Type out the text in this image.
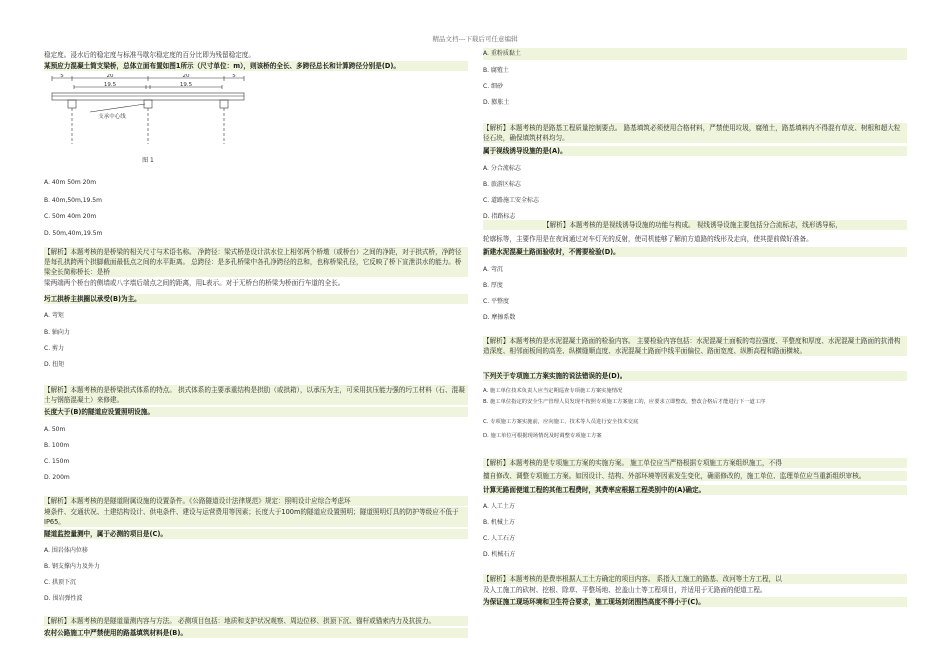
精品文档---下载后可任意编辑
稳定度。浸水后的稳定度与标准马歇尔稳定度的百分比即为残留稳定度。
某预应力混凝土简支梁桥，总体立面布置如图1所示（尺寸单位：m），则该桥的全长、多跨径总长和计算跨径分别是(D)。
5	20	20	5
19.5	19.5
支承中心线
图 1
A. 40m 50m 20m
B. 40m,50m,19.5m
C. 50m 40m 20m
D. 50m,40m,19.5m
【解析】本题考核的是桥梁的相关尺寸与术语名称。 净跨径：梁式桥是设计洪水位上相邻两个桥墩（或桥台）之间的净距，对于拱式桥，净跨径是每孔拱跨两个拱脚截面最低点之间的水平距离。 总跨径：是多孔桥梁中各孔净跨径的总和，也称桥梁孔径，它反映了桥下宣泄洪水的能力。桥梁全长简称桥长：是桥
梁两端两个桥台的侧墙或八字墙后端点之间的距离，用L表示。对于无桥台的桥梁为桥面行车道的全长。
圬工拱桥主拱圈以承受(B)为主。
A. 弯矩
B. 轴向力
C. 剪力
D. 扭矩
【解析】本题考核的是桥梁拱式体系的特点。 拱式体系的主要承重结构是拱肋（或拱箱），以承压为主，可采用抗压能力强的圬工材料（石、混凝土与钢筋混凝土）来修建。
长度大于(B)的隧道应设置照明设施。
A. 50m
B. 100m
C. 150m
D. 200m
【解析】本题考核的是隧道附属设施的设置条件。《公路隧道设计法律规范》规定：照明设计应综合考虑环
境条件、交通状况、土建结构设计、供电条件、建设与运营费用等因素；长度大于100m的隧道应设置照明；隧道照明灯具的防护等级应不低于IP65。
隧道监控量测中，属于必测的项目是(C)。
A. 围岩体内位移
B. 钢支撑内力及外力
C. 拱顶下沉
D. 围岩弹性波
【解析】本题考核的是隧道量测内容与方法。 必测项目包括：地质和支护状况观察、周边位移、拱顶下沉、锚杆或锚索内力及抗拔力。
农村公路施工中严禁使用的路基填筑材料是(B)。
A. 重粉质黏土
B. 腐殖土
C. 细砂
D. 膨胀土
【解析】本题考核的是路基工程质量控制要点。 路基填筑必须使用合格材料，严禁使用垃圾，腐殖土，路基填料内不得混有草皮、树根和超大粒径石块，确保填筑材料均匀。
属于视线诱导设施的是(A)。
A. 分合流标志
B. 旅游区标志
C. 道路施工安全标志
D. 指路标志
【解析】本题考核的是视线诱导设施的功能与构成。 视线诱导设施主要包括分合流标志，线形诱导标，
轮廓标等，主要作用是在夜间通过对车灯光的反射，使司机能够了解前方道路的线形及走向，使其提前做好准备。
新建水泥混凝土路面验收时，不需要检验(D)。
A. 弯沉
B. 厚度
C. 平整度
D. 摩擦系数
【解析】本题考核的是水泥混凝土路面的检验内容。 主要检验内容包括：水泥混凝土面板的弯拉强度、平整度和厚度、水泥混凝土路面的抗滑构造深度、相邻面板间的高差、纵横缝顺直度、水泥混凝土路面中线平面偏位、路面宽度、纵断高程和路面横坡。
下列关于专项施工方案实施的说法错误的是(D)。
A. 施工单位技术负责人应当定期巡查专项施工方案实施情况
B. 施工单位指定的安全生产管理人员发现不按照专项施工方案施工的，应要求立即整改，整改合格后才能进行下一道工序
C. 专项施工方案实施前，应向施工、技术等人员进行安全技术交底
D. 施工单位可根据现场情况及时调整专项施工方案
【解析】本题考核的是专项施工方案的实施方案。 施工单位应当严格根据专项施工方案组织施工，不得
擅自修改、调整专项施工方案。如因设计、结构、外部环境等因素发生变化，确需修改的，施工单位、监理单位应当重新组织审核。
计算无路面便道工程的其他工程费时，其费率应根据工程类别中的(A)确定。
A. 人工土方
B. 机械土方
C. 人工石方
D. 机械石方
【解析】本题考核的是费率根据人工土方确定的项目内容。 系指人工施工的路基、改河等土方工程，以
及人工施工的砍树、挖根、除草、平整场地、挖盖山土等工程项目，并适用于无路面的便道工程。
为保证施工现场环境和卫生符合要求，施工现场封闭围挡高度不得小于(C)。
